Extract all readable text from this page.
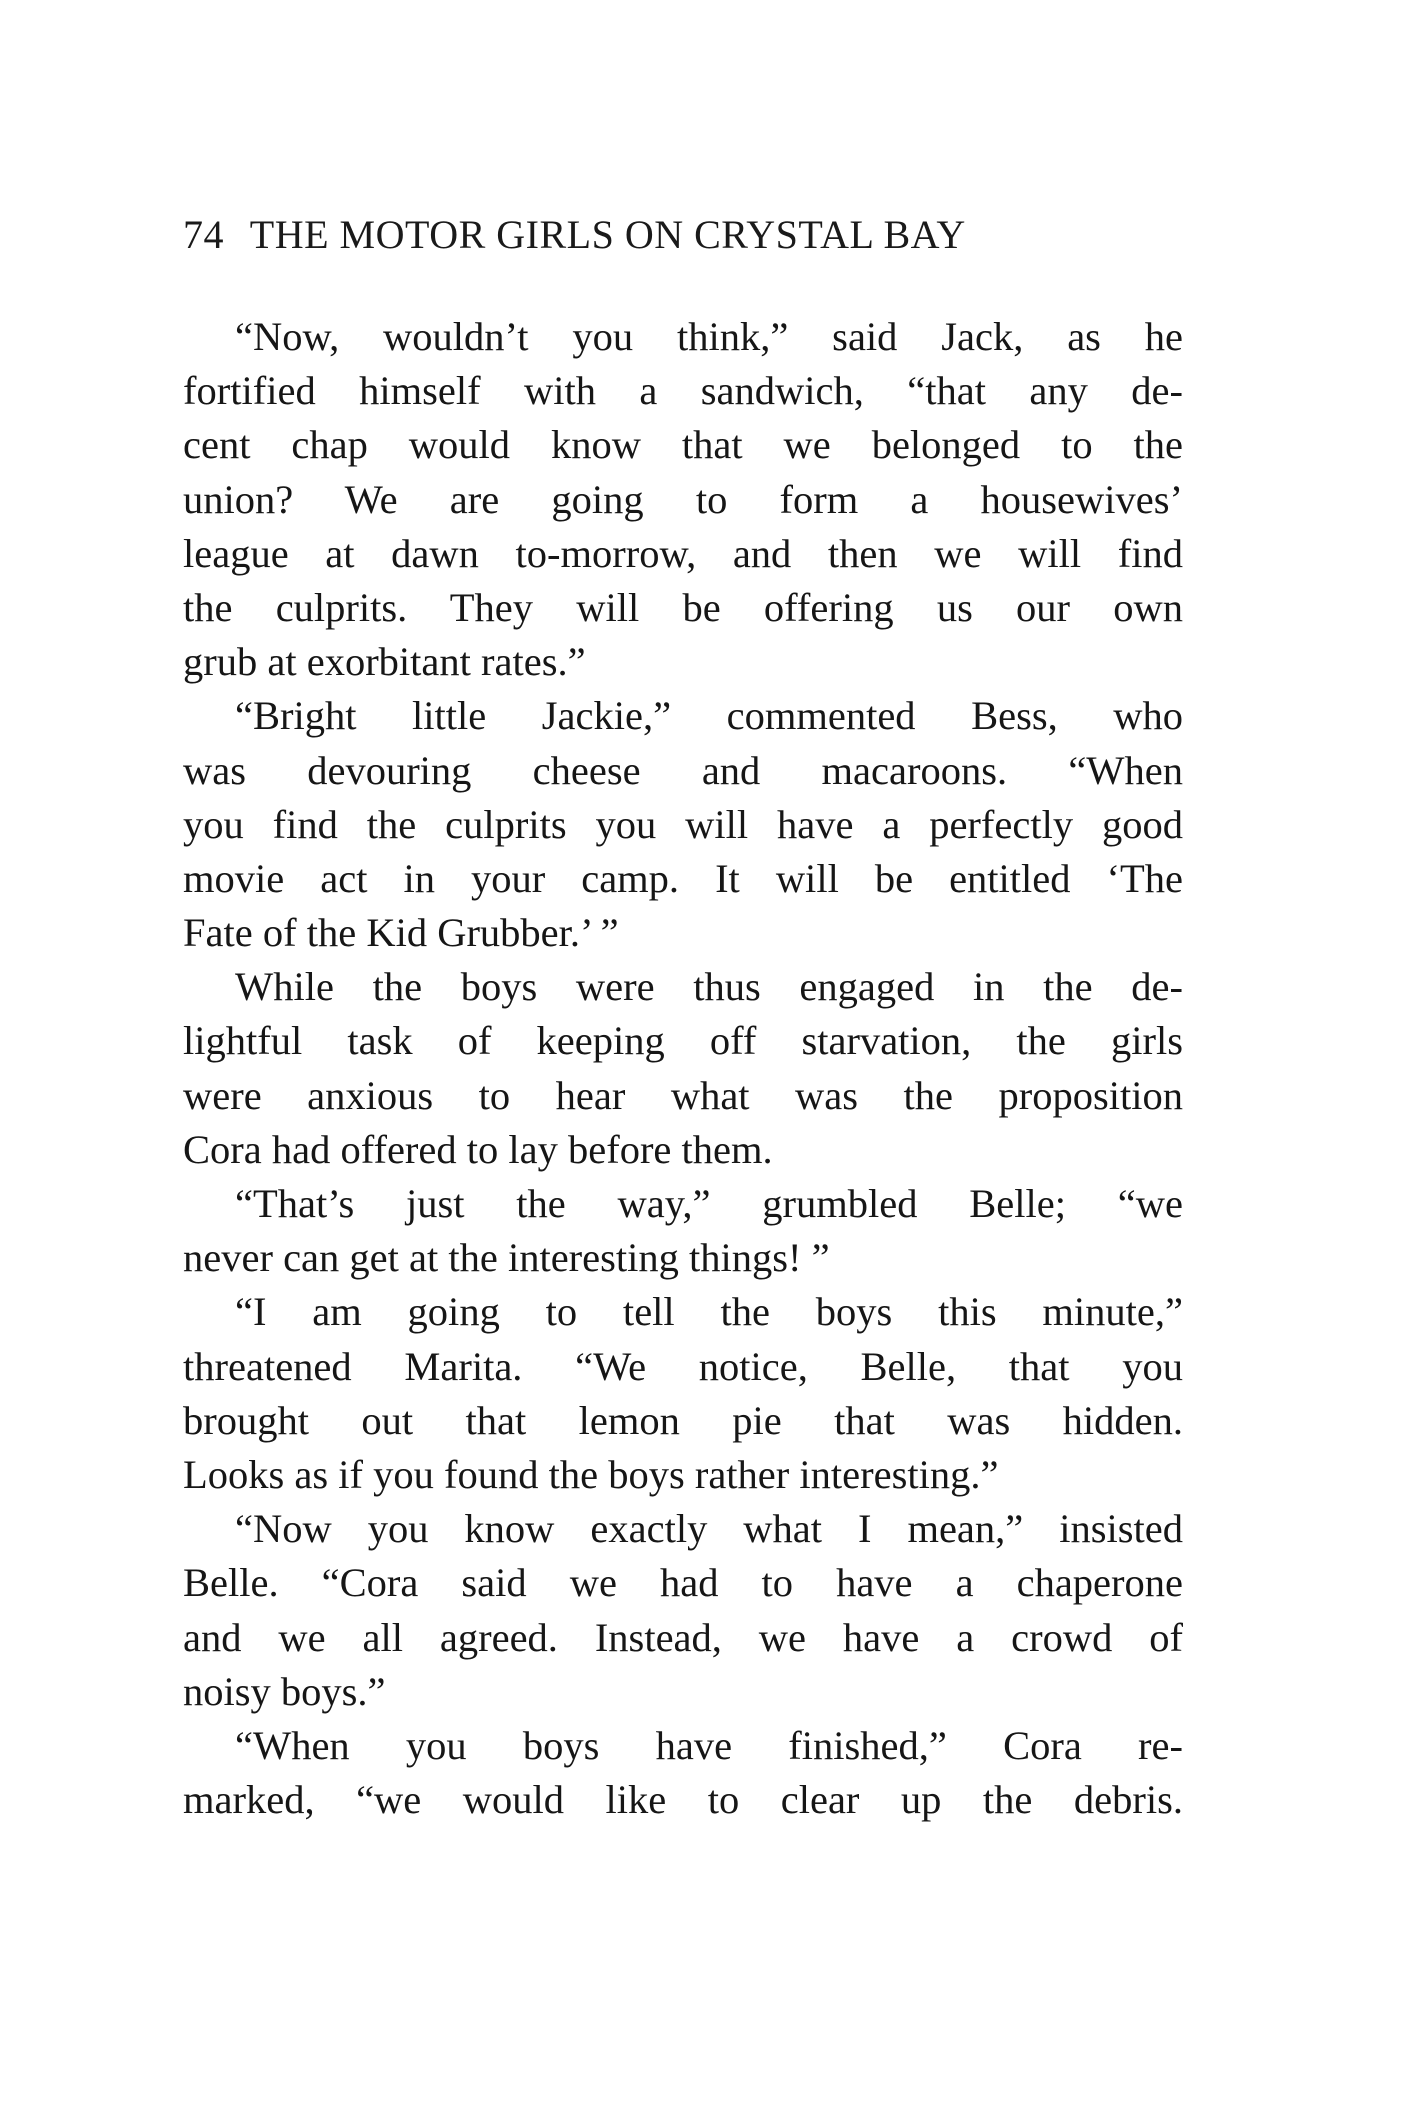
74 THE MOTOR GIRLS ON CRYSTAL BAY
“Now, wouldn’t you think,” said Jack, as he
fortified himself with a sandwich, “that any de-
cent chap would know that we belonged to the
union? We are going to form a housewives’
league at dawn to-morrow, and then we will find
the culprits. They will be offering us our own
grub at exorbitant rates.”
“Bright little Jackie,” commented Bess, who
was devouring cheese and macaroons. “When
you find the culprits you will have a perfectly good
movie act in your camp. It will be entitled ‘The
Fate of the Kid Grubber.’ ”
While the boys were thus engaged in the de-
lightful task of keeping off starvation, the girls
were anxious to hear what was the proposition
Cora had offered to lay before them.
“That’s just the way,” grumbled Belle; “we
never can get at the interesting things! ”
“I am going to tell the boys this minute,”
threatened Marita. “We notice, Belle, that you
brought out that lemon pie that was hidden.
Looks as if you found the boys rather interesting.”
“Now you know exactly what I mean,” insisted
Belle. “Cora said we had to have a chaperone
and we all agreed. Instead, we have a crowd of
noisy boys.”
“When you boys have finished,” Cora re-
marked, “we would like to clear up the debris.
